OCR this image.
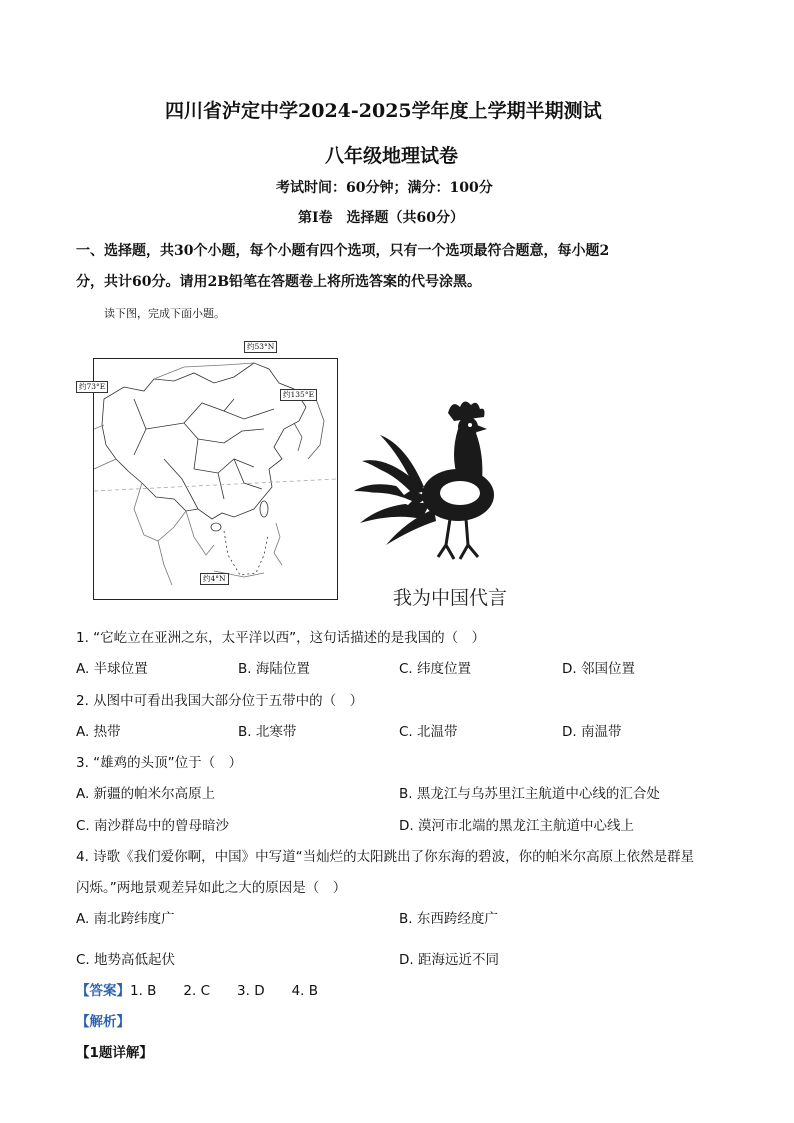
四川省泸定中学2024-2025学年度上学期半期测试
八年级地理试卷
考试时间：60分钟；满分：100分
第Ⅰ卷　选择题（共60分）
一、选择题，共30个小题，每个小题有四个选项，只有一个选项最符合题意，每小题2
分，共计60分。请用2B铅笔在答题卷上将所选答案的代号涂黑。
读下图，完成下面小题。
约53°N
约73°E
约135°E
约4°N
我为中国代言
1. “它屹立在亚洲之东，太平洋以西”，这句话描述的是我国的（　）
A. 半球位置	B. 海陆位置	C. 纬度位置	D. 邻国位置
2. 从图中可看出我国大部分位于五带中的（　）
A. 热带	B. 北寒带	C. 北温带	D. 南温带
3. “雄鸡的头顶”位于（　）
A. 新疆的帕米尔高原上	B. 黑龙江与乌苏里江主航道中心线的汇合处
C. 南沙群岛中的曾母暗沙	D. 漠河市北端的黑龙江主航道中心线上
4. 诗歌《我们爱你啊，中国》中写道“当灿烂的太阳跳出了你东海的碧波，你的帕米尔高原上依然是群星
闪烁。”两地景观差异如此之大的原因是（　）
A. 南北跨纬度广	B. 东西跨经度广
C. 地势高低起伏	D. 距海远近不同
【答案】1. B　　2. C　　3. D　　4. B
【解析】
【1题详解】
